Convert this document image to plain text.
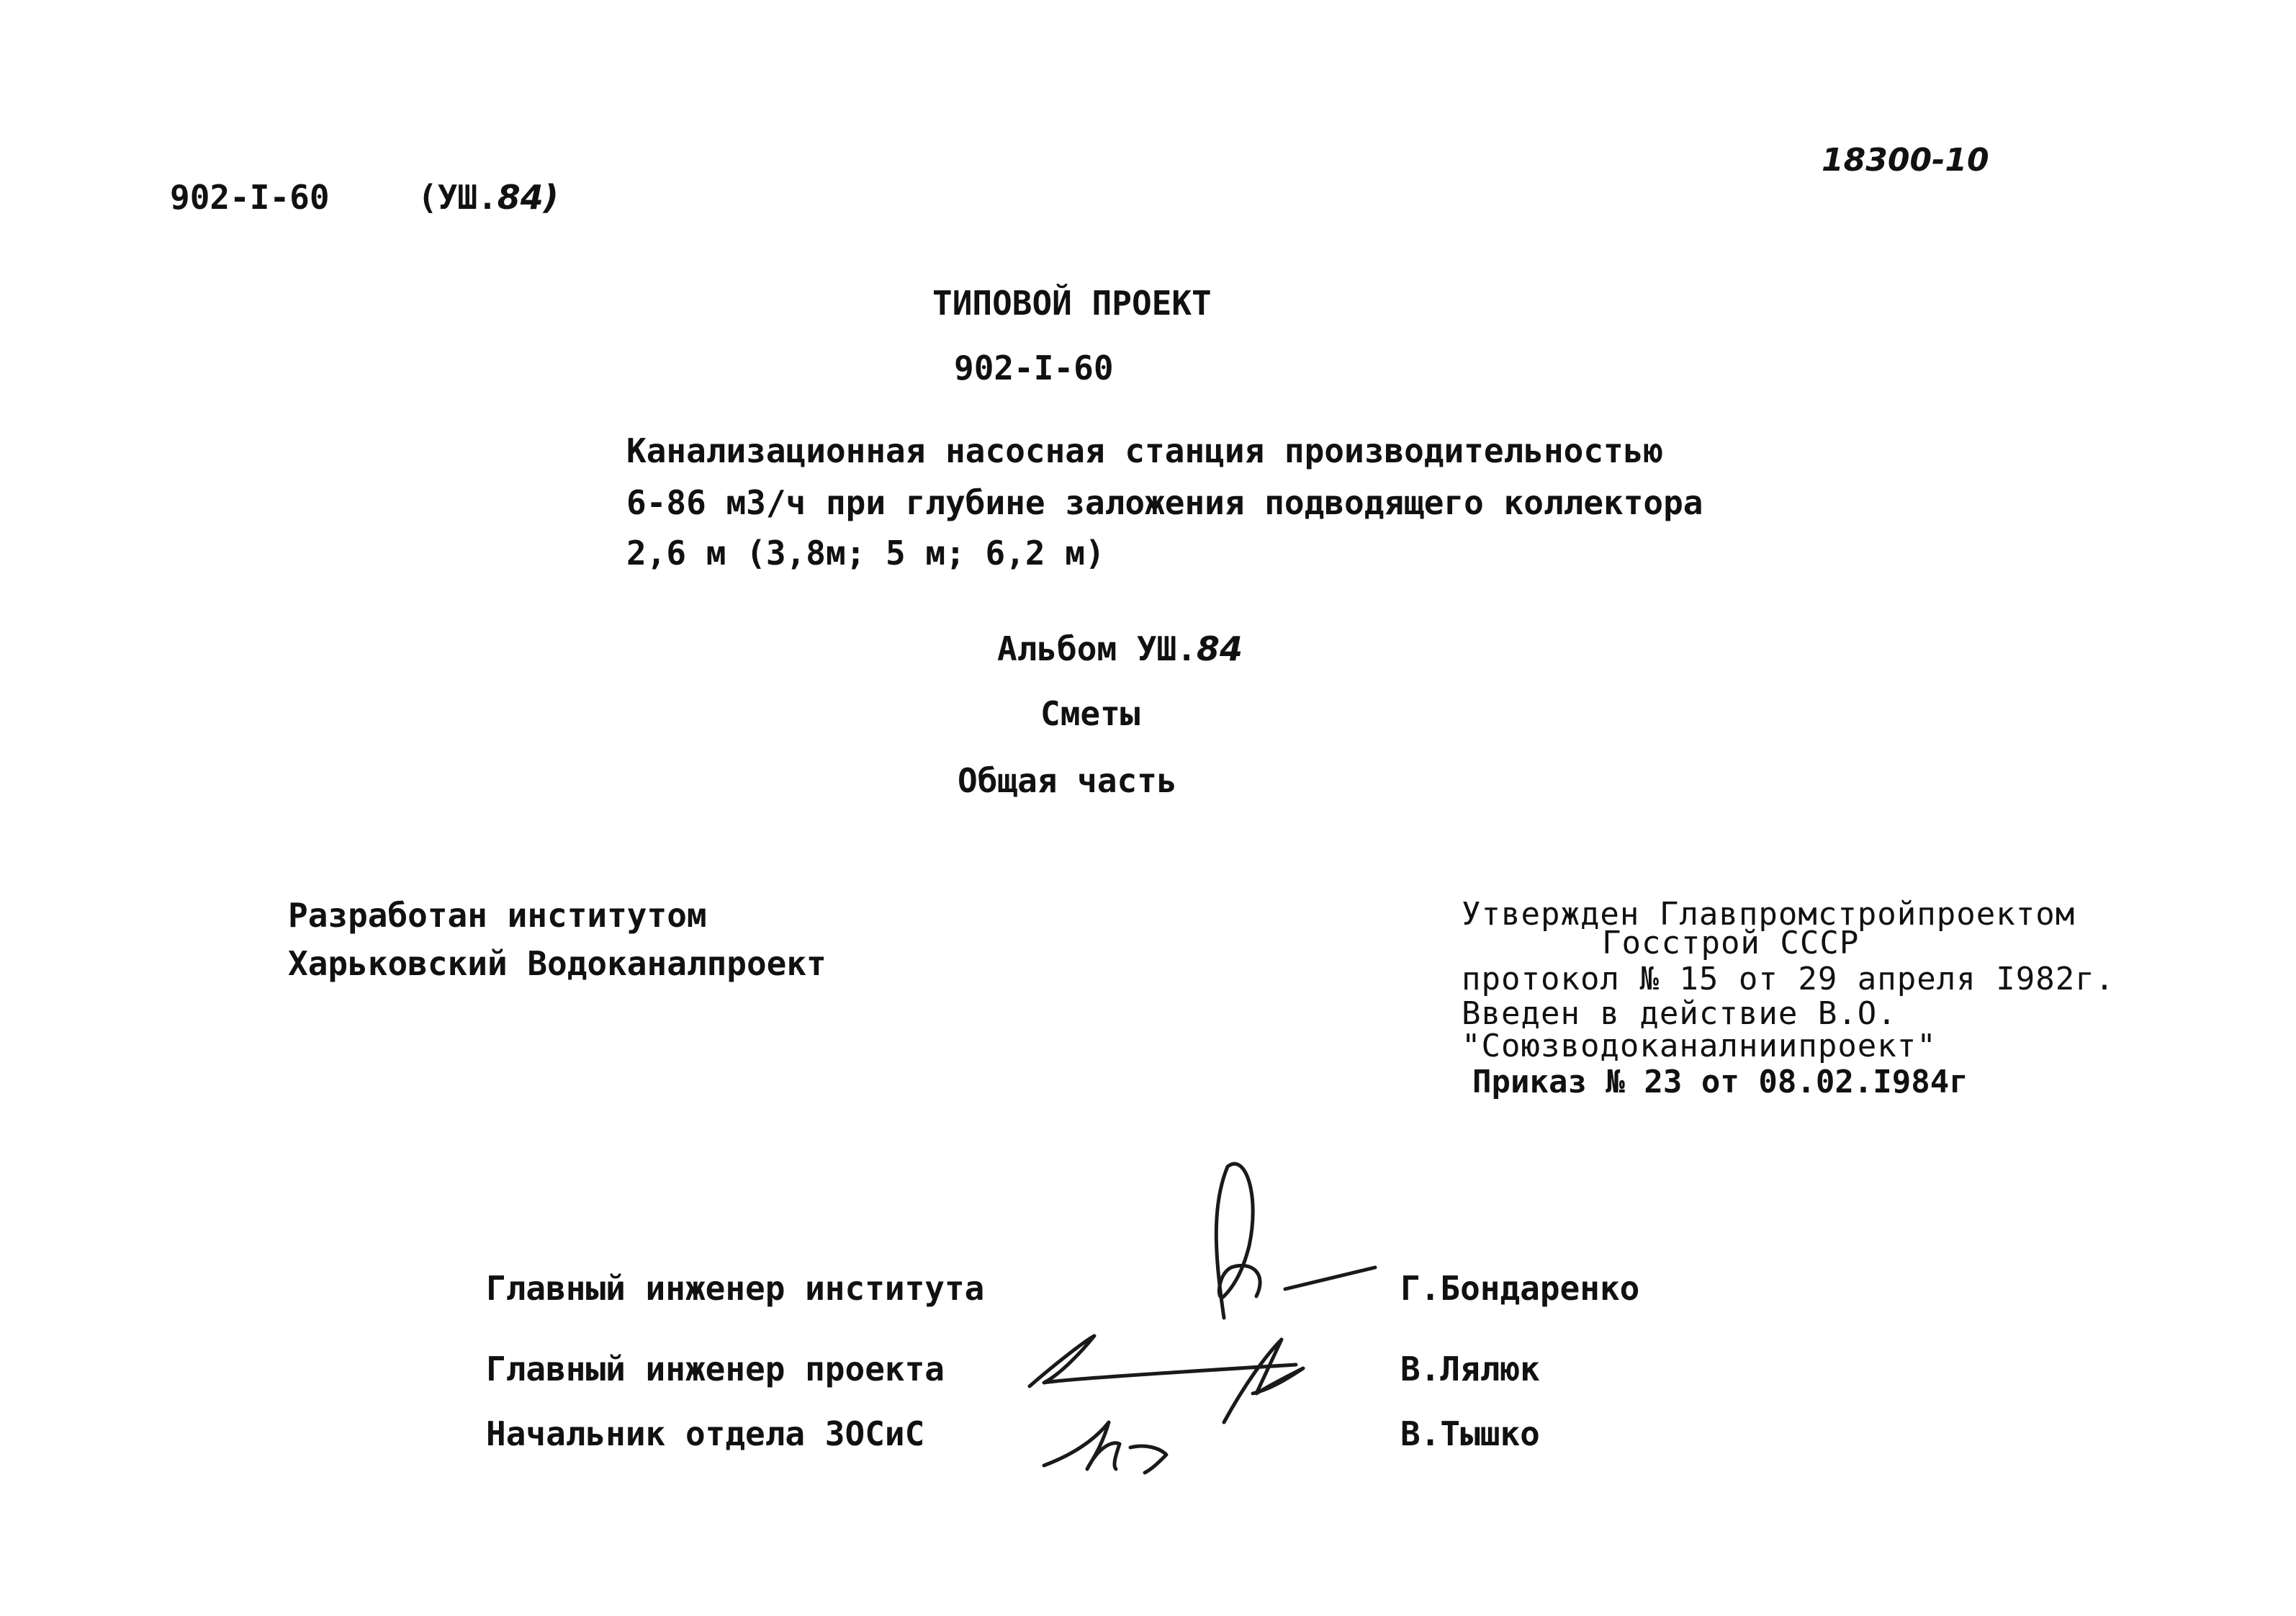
902-I-60	(УШ.84)
18300-10
ТИПОВОЙ ПРОЕКТ
902-I-60
Канализационная насосная станция производительностью
6-86 м3/ч при глубине заложения подводящего коллектора
2,6 м (3,8м; 5 м; 6,2 м)
Альбом УШ.84
Сметы
Общая часть
Разработан институтом
Харьковский Водоканалпроект
Утвержден Главпромстройпроектом
Госстрой СССР
протокол № 15 от 29 апреля I982г.
Введен в действие В.О.
"Союзводоканалниипроект"
Приказ № 23 от 08.02.I984г
Главный инженер института	Г.Бондаренко
Главный инженер проекта	В.Лялюк
Начальник отдела ЗОСиС	В.Тышко
